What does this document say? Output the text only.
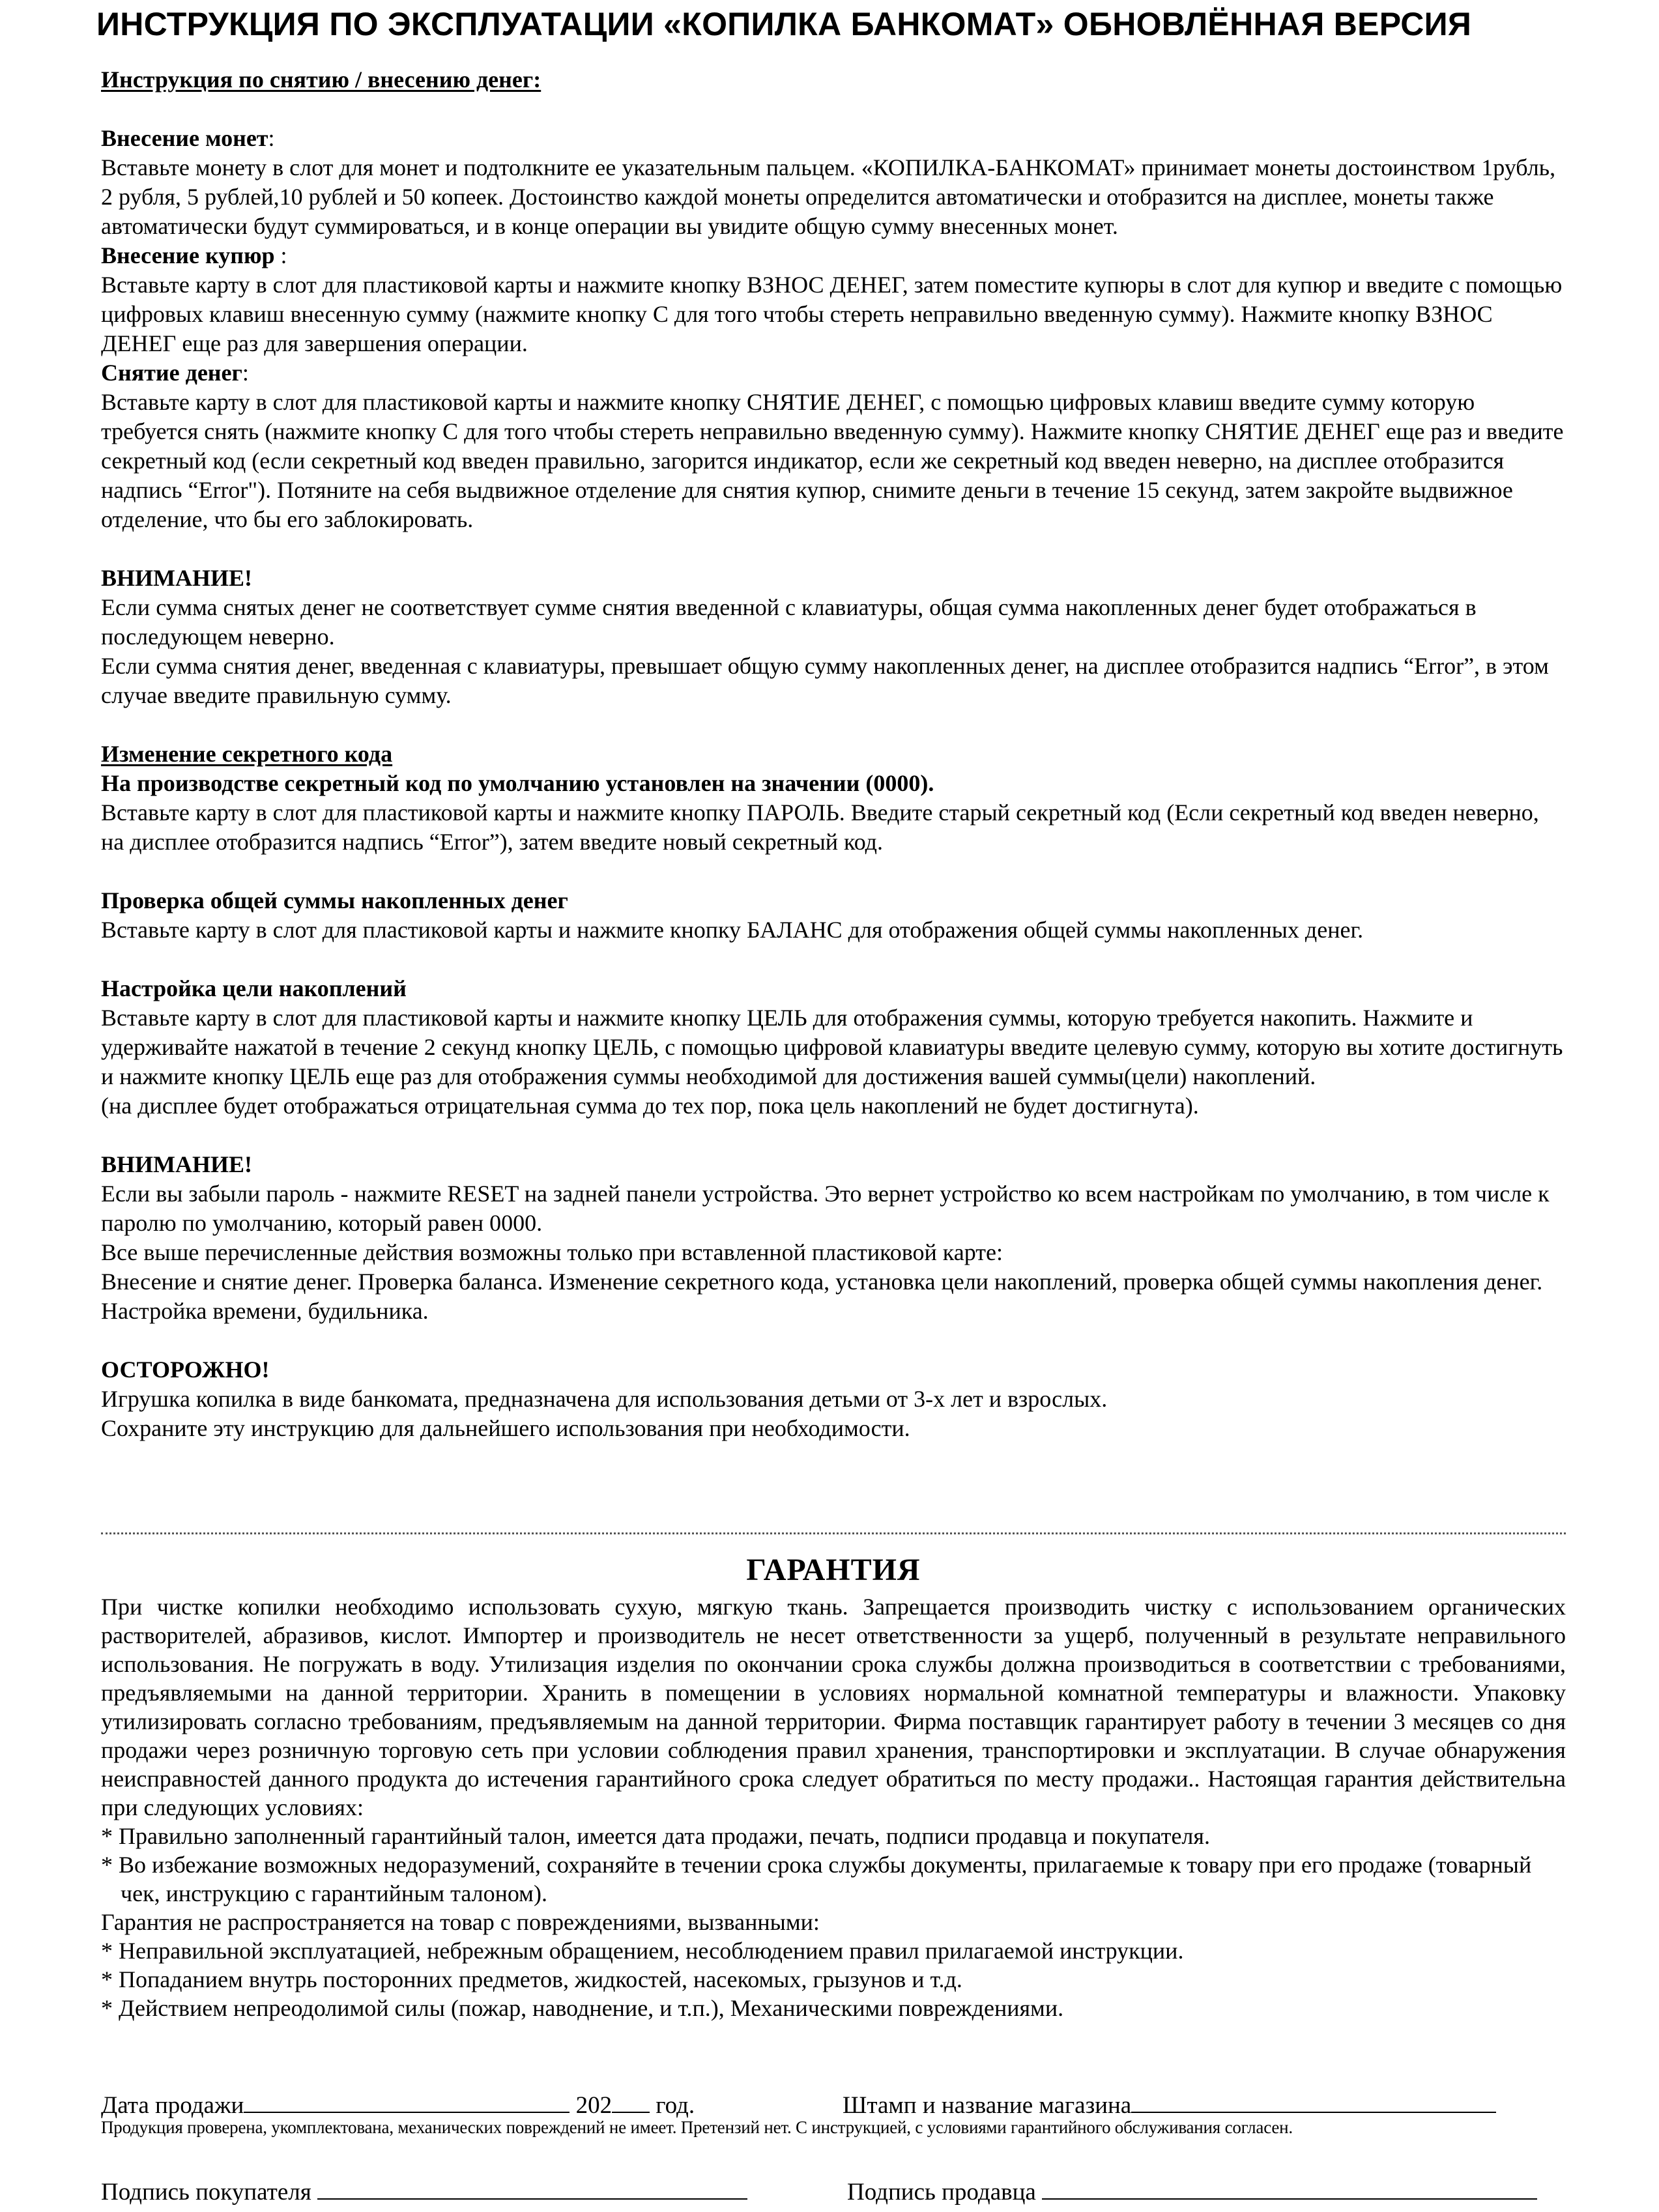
ИНСТРУКЦИЯ ПО ЭКСПЛУАТАЦИИ «КОПИЛКА БАНКОМАТ» ОБНОВЛЁННАЯ ВЕРСИЯ

Инструкция по снятию / внесению денег:

Внесение монет:

Вставьте монету в слот для монет и подтолкните ее указательным пальцем. «КОПИЛКА-БАНКОМАТ» принимает монеты достоинством 1рубль, 2 рубля, 5 рублей,10 рублей и 50 копеек. Достоинство каждой монеты определится автоматически и отобразится на дисплее, монеты также автоматически будут суммироваться, и в конце операции вы увидите общую сумму внесенных монет.

Внесение купюр :

Вставьте карту в слот для пластиковой карты и нажмите кнопку ВЗНОС ДЕНЕГ, затем поместите купюры в слот для купюр и введите с помощью цифровых клавиш внесенную сумму (нажмите кнопку С для того чтобы стереть неправильно введенную сумму). Нажмите кнопку ВЗНОС ДЕНЕГ еще раз для завершения операции.

Снятие денег:

Вставьте карту в слот для пластиковой карты и нажмите кнопку СНЯТИЕ ДЕНЕГ, с помощью цифровых клавиш введите сумму которую требуется снять (нажмите кнопку С для того чтобы стереть неправильно введенную сумму). Нажмите кнопку СНЯТИЕ ДЕНЕГ еще раз и введите секретный код (если секретный код введен правильно, загорится индикатор, если же секретный код введен неверно, на дисплее отобразится надпись “Error"). Потяните на себя выдвижное отделение для снятия купюр, снимите деньги в течение 15 секунд, затем закройте выдвижное отделение, что бы его заблокировать.

ВНИМАНИЕ!

Если сумма снятых денег не соответствует сумме снятия введенной с клавиатуры, общая сумма накопленных денег будет отображаться в последующем неверно.

Если сумма снятия денег, введенная с клавиатуры, превышает общую сумму накопленных денег, на дисплее отобразится надпись “Error”, в этом случае введите правильную сумму.

Изменение секретного кода

На производстве секретный код по умолчанию установлен на значении (0000).

Вставьте карту в слот для пластиковой карты и нажмите кнопку ПАРОЛЬ. Введите старый секретный код (Если секретный код введен неверно, на дисплее отобразится надпись “Error”), затем введите новый секретный код.

Проверка общей суммы накопленных денег

Вставьте карту в слот для пластиковой карты и нажмите кнопку БАЛАНС для отображения общей суммы накопленных денег.

Настройка цели накоплений

Вставьте карту в слот для пластиковой карты и нажмите кнопку ЦЕЛЬ для отображения суммы, которую требуется накопить. Нажмите и удерживайте нажатой в течение 2 секунд кнопку ЦЕЛЬ, с помощью цифровой клавиатуры введите целевую сумму, которую вы хотите достигнуть и нажмите кнопку ЦЕЛЬ еще раз для отображения суммы необходимой для достижения вашей суммы(цели) накоплений.

(на дисплее будет отображаться отрицательная сумма до тех пор, пока цель накоплений не будет достигнута).

ВНИМАНИЕ!

Если вы забыли пароль - нажмите RESET на задней панели устройства. Это вернет устройство ко всем настройкам по умолчанию, в том числе к паролю по умолчанию, который равен 0000.

Все выше перечисленные действия возможны только при вставленной пластиковой карте:

Внесение и снятие денег. Проверка баланса. Изменение секретного кода, установка цели накоплений, проверка общей суммы накопления денег. Настройка времени, будильника.

ОСТОРОЖНО!

Игрушка копилка в виде банкомата, предназначена для использования детьми от 3-х лет и взрослых.

Сохраните эту инструкцию для дальнейшего использования при необходимости.

ГАРАНТИЯ

При чистке копилки необходимо использовать сухую, мягкую ткань. Запрещается производить чистку с использованием органических растворителей, абразивов, кислот. Импортер и производитель не несет ответственности за ущерб, полученный в результате неправильного использования. Не погружать в воду. Утилизация изделия по окончании срока службы должна производиться в соответствии с требованиями, предъявляемыми на данной территории. Хранить в помещении в условиях нормальной комнатной температуры и влажности. Упаковку утилизировать согласно требованиям, предъявляемым на данной территории. Фирма поставщик гарантирует работу в течении 3 месяцев со дня продажи через розничную торговую сеть при условии соблюдения правил хранения, транспортировки и эксплуатации. В случае обнаружения неисправностей данного продукта до истечения гарантийного срока следует обратиться по месту продажи.. Настоящая гарантия действительна при следующих условиях:

* Правильно заполненный гарантийный талон, имеется дата продажи, печать, подписи продавца и покупателя.

* Во избежание возможных недоразумений, сохраняйте в течении срока службы документы, прилагаемые к товару при его продаже (товарный чек, инструкцию с гарантийным талоном).

Гарантия не распространяется на товар с повреждениями, вызванными:

* Неправильной эксплуатацией, небрежным обращением, несоблюдением правил прилагаемой инструкции.

* Попаданием внутрь посторонних предметов, жидкостей, насекомых, грызунов и т.д.

* Действием непреодолимой силы (пожар, наводнение, и т.п.), Механическими повреждениями.

Дата продажи	202 год.	Штамп и название магазина
Продукция проверена, укомплектована, механических повреждений не имеет. Претензий нет. С инструкцией, с условиями гарантийного обслуживания согласен.
Подпись покупателя	Подпись продавца
